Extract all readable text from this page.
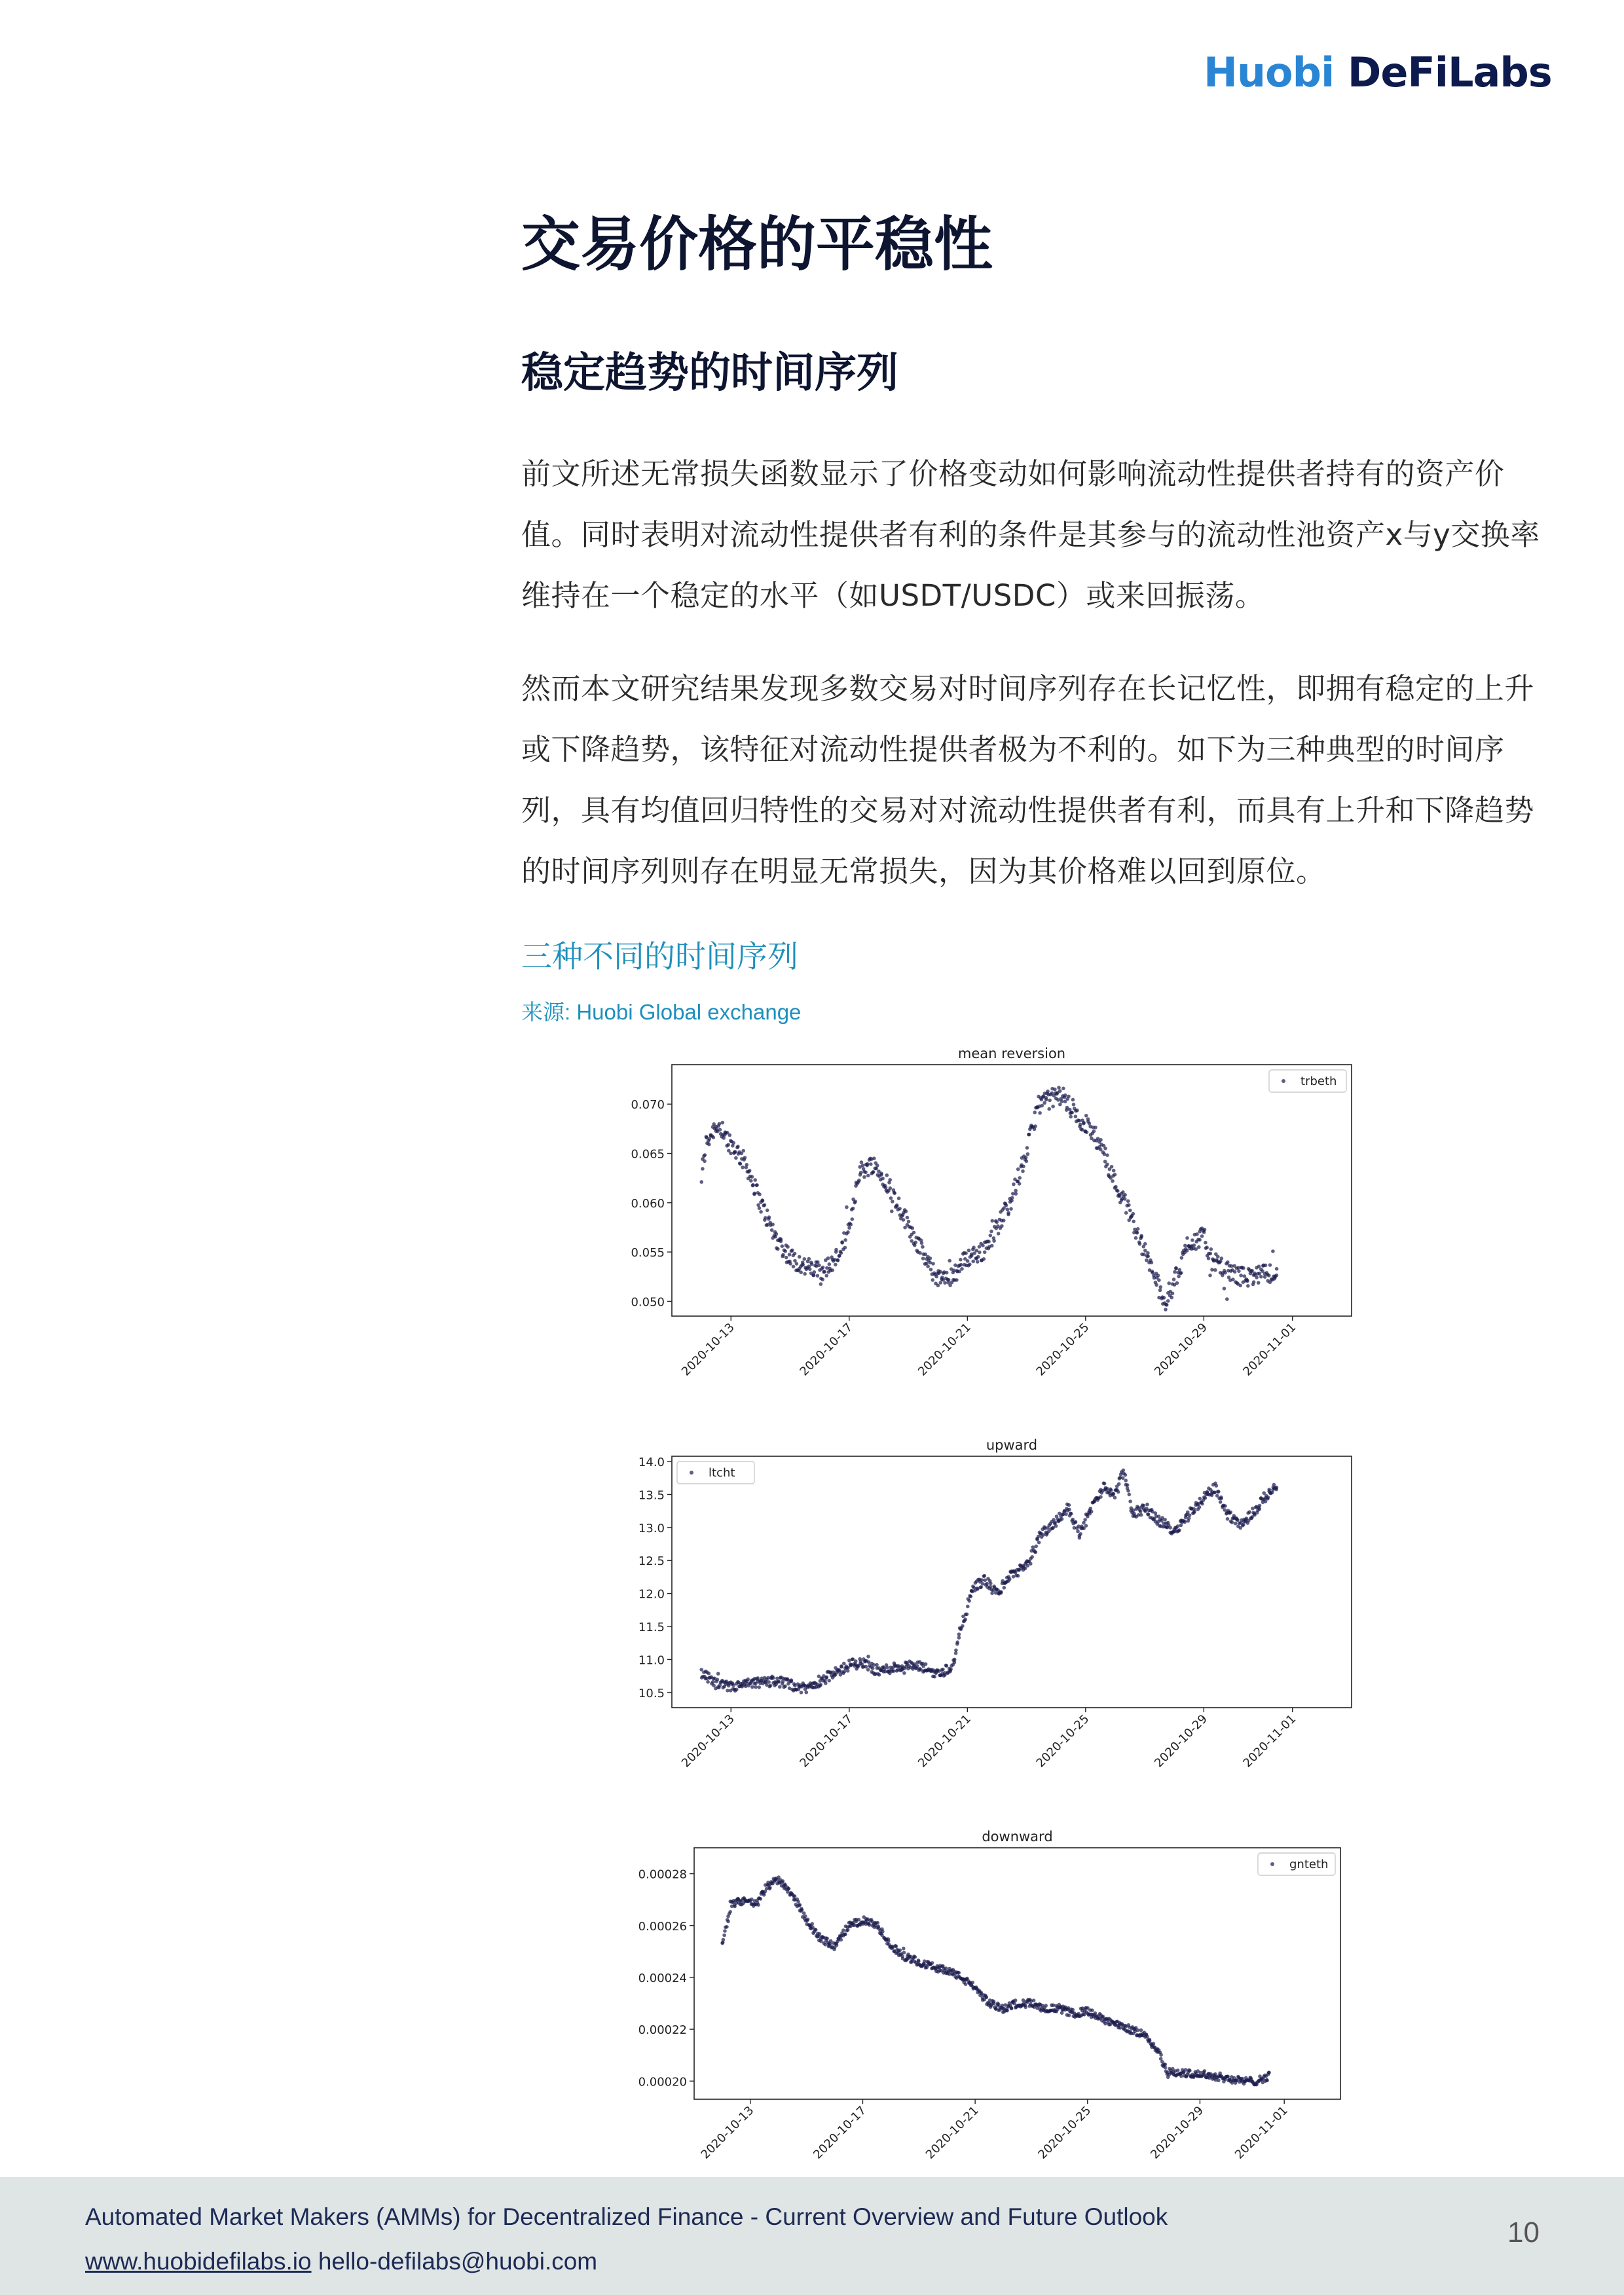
Huobi DeFiLabs
交易价格的平稳性
稳定趋势的时间序列

前文所述无常损失函数显示了价格变动如何影响流动性提供者持有的资产价值。同时表明对流动性提供者有利的条件是其参与的流动性池资产x与y交换率维持在一个稳定的水平（如USDT/USDC）或来回振荡。

然而本文研究结果发现多数交易对时间序列存在长记忆性，即拥有稳定的上升或下降趋势，该特征对流动性提供者极为不利的。如下为三种典型的时间序列，具有均值回归特性的交易对对流动性提供者有利，而具有上升和下降趋势的时间序列则存在明显无常损失，因为其价格难以回到原位。

三种不同的时间序列

来源: Huobi Global exchange

mean reversion
0.050
0.055
0.060
0.065
0.070
2020-10-13	2020-10-17	2020-10-21	2020-10-25	2020-10-29	2020-11-01
trbeth
upward
10.5
11.0
11.5
12.0
12.5
13.0
13.5
14.0
2020-10-13	2020-10-17	2020-10-21	2020-10-25	2020-10-29	2020-11-01
ltcht
downward
0.00020
0.00022
0.00024
0.00026
0.00028
2020-10-13	2020-10-17	2020-10-21	2020-10-25	2020-10-29 2020-11-01
gnteth

Automated Market Makers (AMMs) for Decentralized Finance - Current Overview and Future Outlook

www.huobidefilabs.io hello-defilabs@huobi.com

10
